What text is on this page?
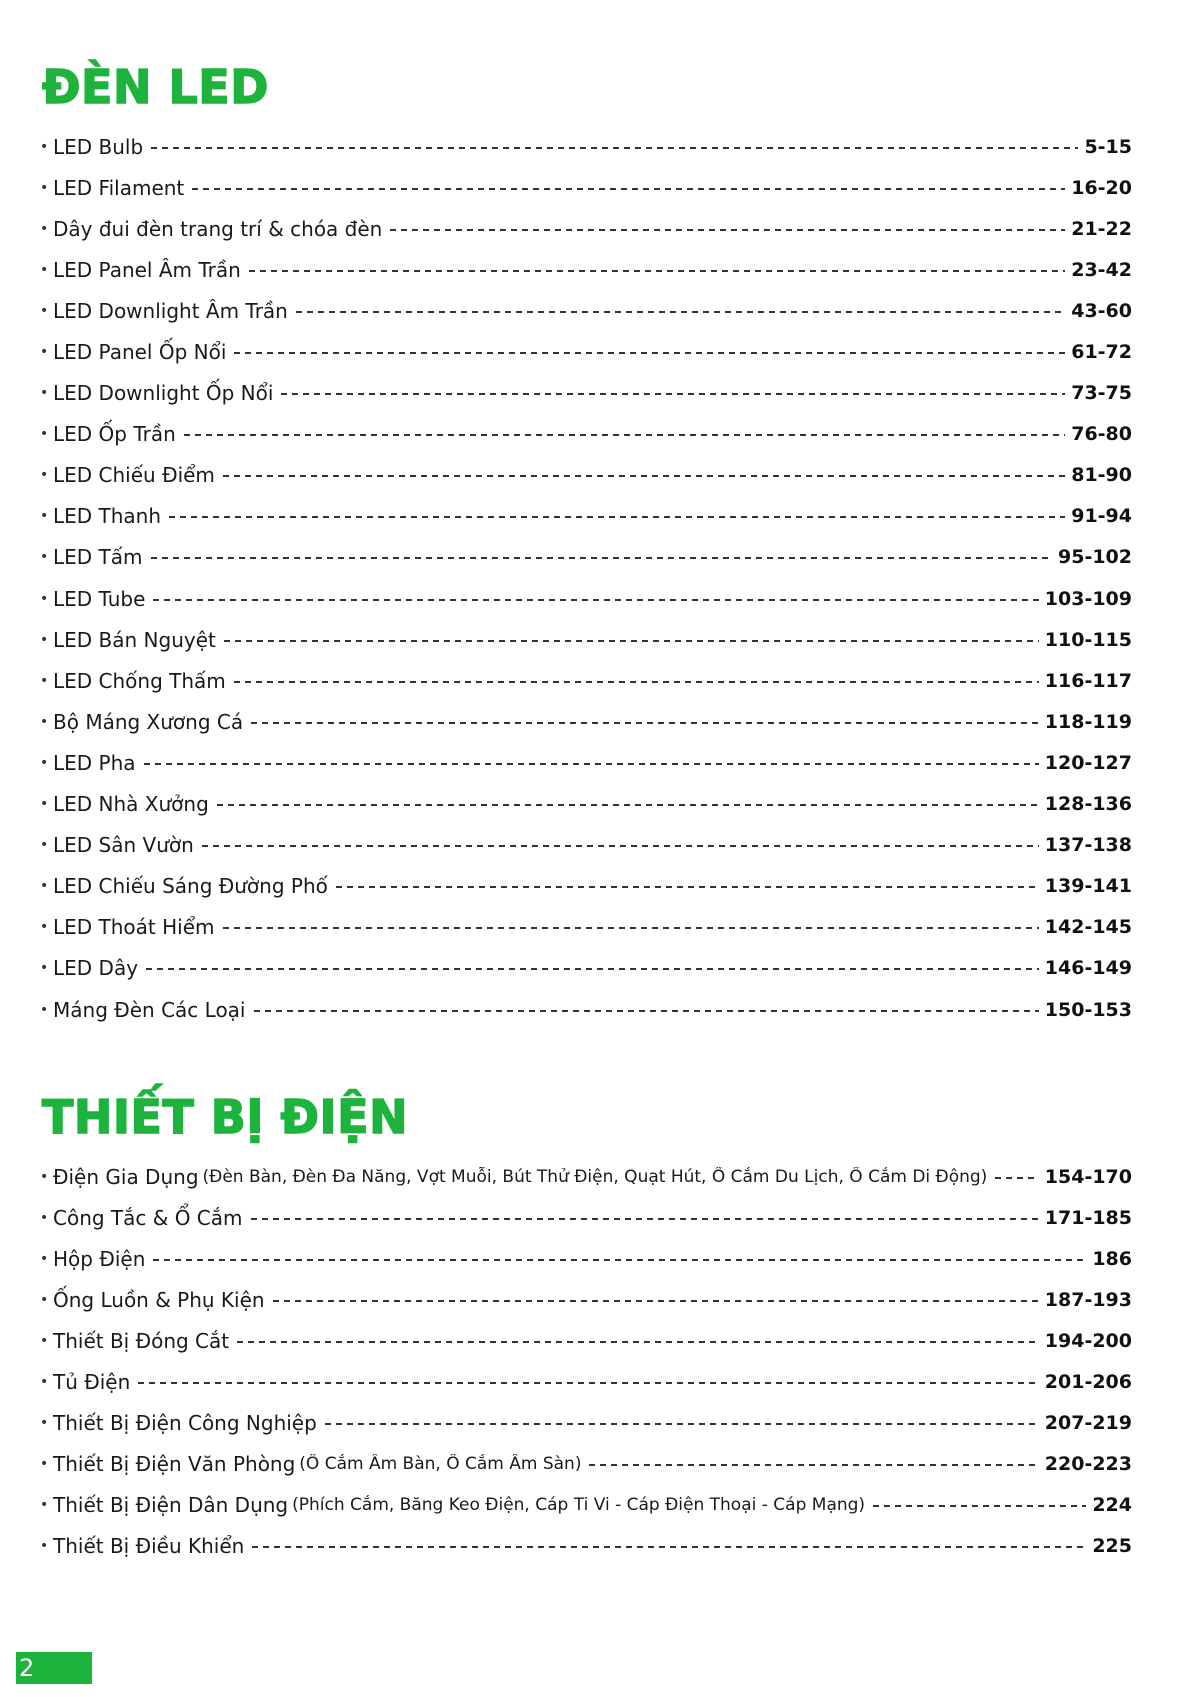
ĐÈN LED
• LED Bulb	5-15
• LED Filament	16-20
• Dây đui đèn trang trí & chóa đèn	21-22
• LED Panel Âm Trần	23-42
• LED Downlight Âm Trần	43-60
• LED Panel Ốp Nổi	61-72
• LED Downlight Ốp Nổi	73-75
• LED Ốp Trần	76-80
• LED Chiếu Điểm	81-90
• LED Thanh	91-94
• LED Tấm	95-102
• LED Tube	103-109
• LED Bán Nguyệt	110-115
• LED Chống Thấm	116-117
• Bộ Máng Xương Cá	118-119
• LED Pha	120-127
• LED Nhà Xưởng	128-136
• LED Sân Vườn	137-138
• LED Chiếu Sáng Đường Phố	139-141
• LED Thoát Hiểm	142-145
• LED Dây	146-149
• Máng Đèn Các Loại	150-153
THIẾT BỊ ĐIỆN
• Điện Gia Dụng (Đèn Bàn, Đèn Đa Năng, Vợt Muỗi, Bút Thử Điện, Quạt Hút, Ổ Cắm Du Lịch, Ổ Cắm Di Động)	154-170
• Công Tắc & Ổ Cắm	171-185
• Hộp Điện	186
• Ống Luồn & Phụ Kiện	187-193
• Thiết Bị Đóng Cắt	194-200
• Tủ Điện	201-206
• Thiết Bị Điện Công Nghiệp	207-219
• Thiết Bị Điện Văn Phòng (Ổ Cắm Âm Bàn, Ổ Cắm Âm Sàn)	220-223
• Thiết Bị Điện Dân Dụng (Phích Cắm, Băng Keo Điện, Cáp Ti Vi - Cáp Điện Thoại - Cáp Mạng)	224
• Thiết Bị Điều Khiển	225
2
